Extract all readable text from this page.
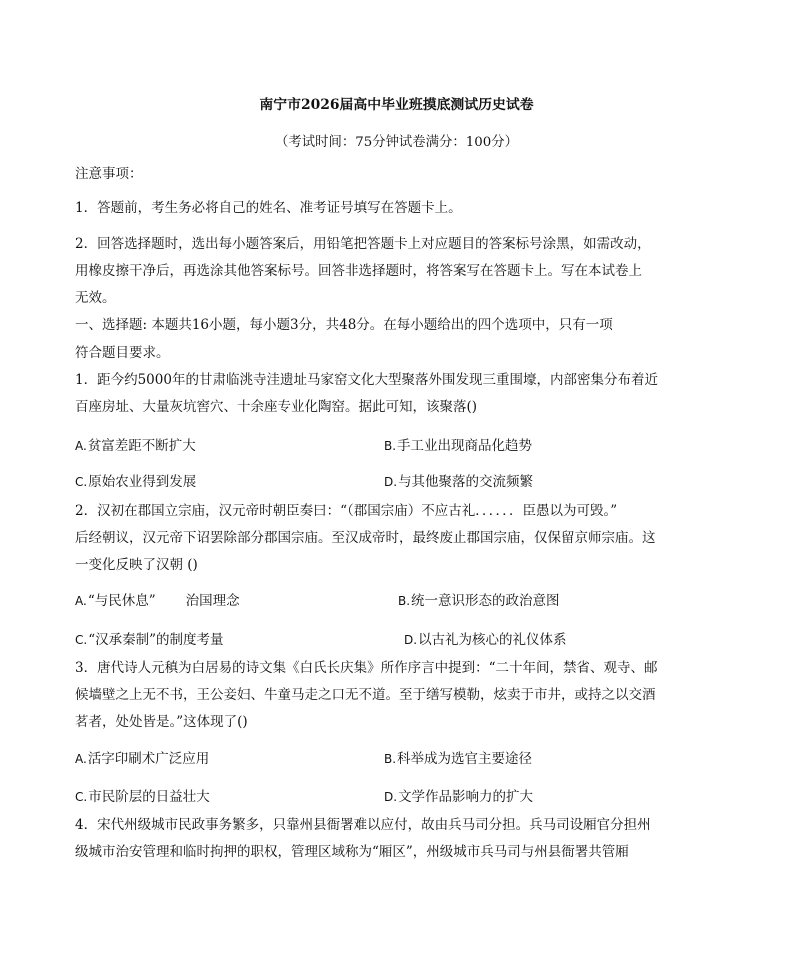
南宁市2026届高中毕业班摸底测试历史试卷
（考试时间：75分钟试卷满分：100分）
注意事项：
1．答题前，考生务必将自己的姓名、准考证号填写在答题卡上。
2．回答选择题时，选出每小题答案后，用铅笔把答题卡上对应题目的答案标号涂黑，如需改动，
用橡皮擦干净后，再选涂其他答案标号。回答非选择题时，将答案写在答题卡上。写在本试卷上
无效。
一、选择题: 本题共16小题，每小题3分，共48分。在每小题给出的四个选项中，只有一项
符合题目要求。
1．距今约5000年的甘肃临洮寺洼遗址马家窑文化大型聚落外围发现三重围壕，内部密集分布着近
百座房址、大量灰坑窖穴、十余座专业化陶窑。据此可知，该聚落()
A.贫富差距不断扩大	B.手工业出现商品化趋势
C.原始农业得到发展	D.与其他聚落的交流频繁
2．汉初在郡国立宗庙，汉元帝时朝臣奏曰：“（郡国宗庙）不应古礼．．．．．．臣愚以为可毁。”
后经朝议，汉元帝下诏罢除部分郡国宗庙。至汉成帝时，最终废止郡国宗庙，仅保留京师宗庙。这
一变化反映了汉朝 ()
A.“与民休息” 治国理念	B.统一意识形态的政治意图
C.“汉承秦制”的制度考量	D.以古礼为核心的礼仪体系
3．唐代诗人元稹为白居易的诗文集《白氏长庆集》所作序言中提到：“二十年间，禁省、观寺、邮
候墙壁之上无不书，王公妾妇、牛童马走之口无不道。至于缮写模勒，炫卖于市井，或持之以交酒
茗者，处处皆是。”这体现了()
A.活字印刷术广泛应用	B.科举成为选官主要途径
C.市民阶层的日益壮大	D.文学作品影响力的扩大
4．宋代州级城市民政事务繁多，只靠州县衙署难以应付，故由兵马司分担。兵马司设厢官分担州
级城市治安管理和临时拘押的职权，管理区域称为“厢区”，州级城市兵马司与州县衙署共管厢
